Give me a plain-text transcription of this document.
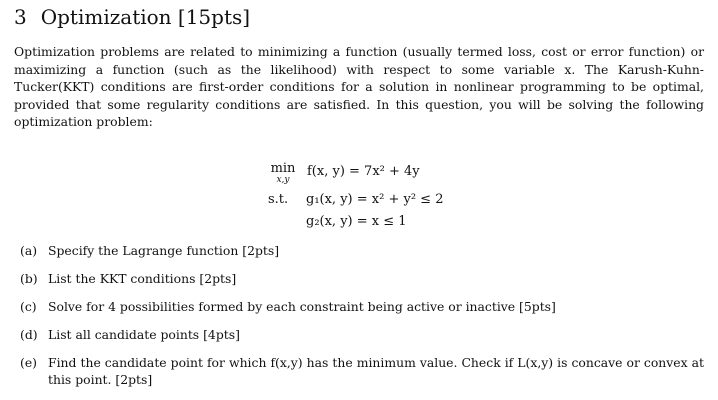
3 Optimization [15pts]

Optimization problems are related to minimizing a function (usually termed loss, cost or error function) or maximizing a function (such as the likelihood) with respect to some variable x. The Karush-Kuhn-Tucker(KKT) conditions are first-order conditions for a solution in nonlinear programming to be optimal, provided that some regularity conditions are satisfied. In this question, you will be solving the following optimization problem:

min
x,y
f(x, y) = 7x² + 4y
s.t. g₁(x, y) = x² + y² ≤ 2
g₂(x, y) = x ≤ 1
(a) Specify the Lagrange function [2pts]
(b) List the KKT conditions [2pts]
(c) Solve for 4 possibilities formed by each constraint being active or inactive [5pts]
(d) List all candidate points [4pts]
(e) Find the candidate point for which f(x,y) has the minimum value. Check if L(x,y) is concave or convex at this point. [2pts]
